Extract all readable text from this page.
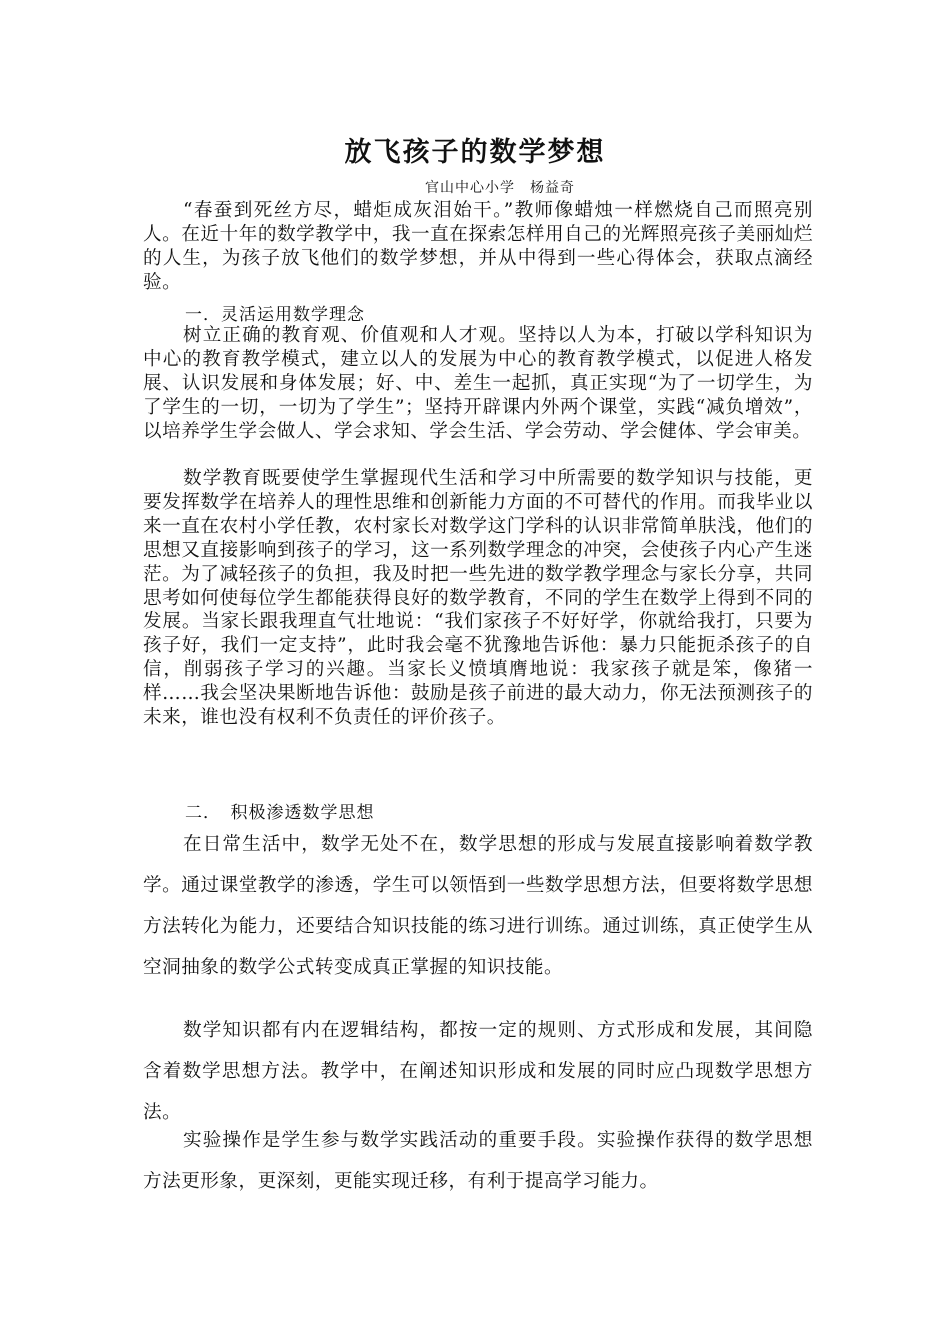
放飞孩子的数学梦想
官山中心小学　杨益奇
“春蚕到死丝方尽，蜡炬成灰泪始干。”教师像蜡烛一样燃烧自己而照亮别人。在近十年的数学教学中，我一直在探索怎样用自己的光辉照亮孩子美丽灿烂的人生，为孩子放飞他们的数学梦想，并从中得到一些心得体会，获取点滴经验。
一．灵活运用数学理念
树立正确的教育观、价值观和人才观。坚持以人为本，打破以学科知识为中心的教育教学模式，建立以人的发展为中心的教育教学模式，以促进人格发展、认识发展和身体发展；好、中、差生一起抓，真正实现“为了一切学生，为了学生的一切，一切为了学生”；坚持开辟课内外两个课堂，实践“减负增效”，以培养学生学会做人、学会求知、学会生活、学会劳动、学会健体、学会审美。
数学教育既要使学生掌握现代生活和学习中所需要的数学知识与技能，更要发挥数学在培养人的理性思维和创新能力方面的不可替代的作用。而我毕业以来一直在农村小学任教，农村家长对数学这门学科的认识非常简单肤浅，他们的思想又直接影响到孩子的学习，这一系列数学理念的冲突，会使孩子内心产生迷茫。为了减轻孩子的负担，我及时把一些先进的数学教学理念与家长分享，共同思考如何使每位学生都能获得良好的数学教育，不同的学生在数学上得到不同的发展。当家长跟我理直气壮地说：“我们家孩子不好好学，你就给我打，只要为孩子好，我们一定支持”，此时我会毫不犹豫地告诉他：暴力只能扼杀孩子的自信，削弱孩子学习的兴趣。当家长义愤填膺地说：我家孩子就是笨，像猪一样……我会坚决果断地告诉他：鼓励是孩子前进的最大动力，你无法预测孩子的未来，谁也没有权利不负责任的评价孩子。
二．　积极渗透数学思想
在日常生活中，数学无处不在，数学思想的形成与发展直接影响着数学教学。通过课堂教学的渗透，学生可以领悟到一些数学思想方法，但要将数学思想方法转化为能力，还要结合知识技能的练习进行训练。通过训练，真正使学生从空洞抽象的数学公式转变成真正掌握的知识技能。
数学知识都有内在逻辑结构，都按一定的规则、方式形成和发展，其间隐含着数学思想方法。教学中，在阐述知识形成和发展的同时应凸现数学思想方法。
实验操作是学生参与数学实践活动的重要手段。实验操作获得的数学思想方法更形象，更深刻，更能实现迁移，有利于提高学习能力。
